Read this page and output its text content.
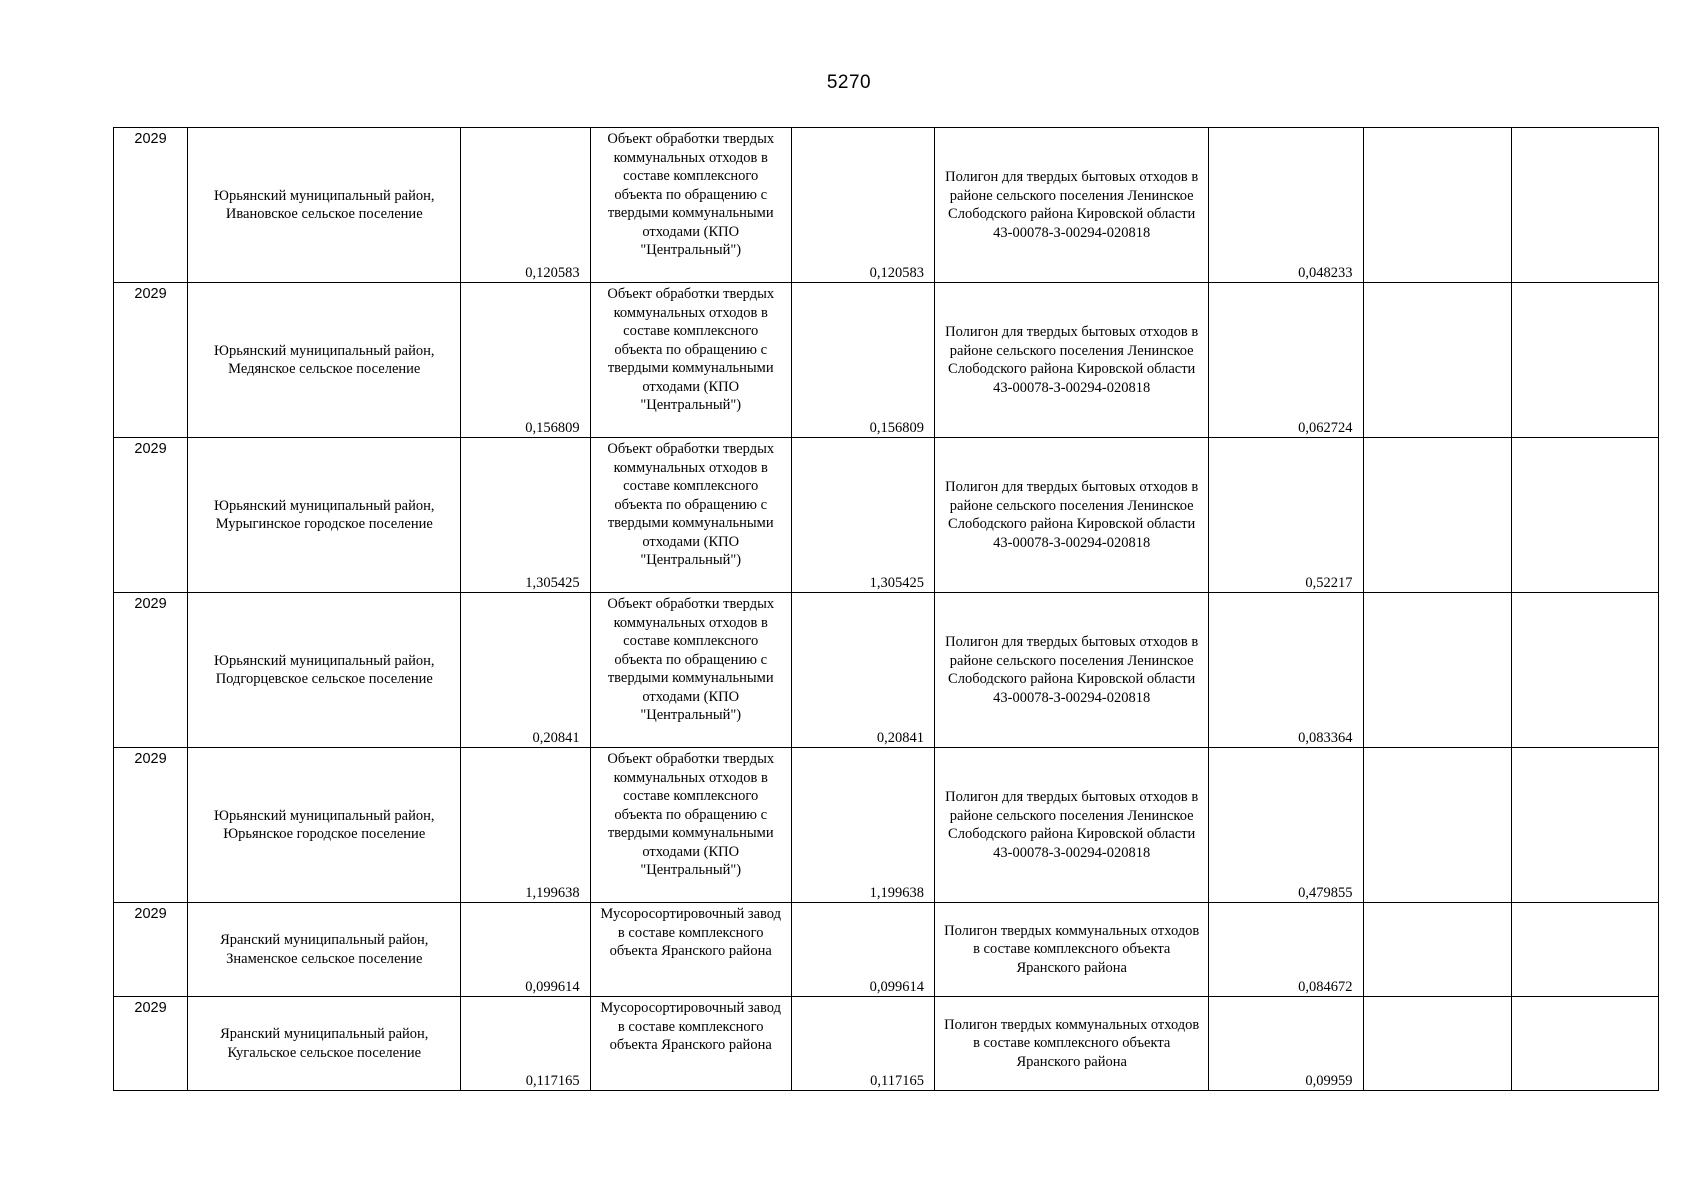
5270
2029	Юрьянский муниципальный район, Ивановское сельское поселение	0,120583	Объект обработки твердых коммунальных отходов в составе комплексного объекта по обращению с твердыми коммунальными отходами (КПО "Центральный")	0,120583	Полигон для твердых бытовых отходов в районе сельского поселения Ленинское Слободского района Кировской области 43-00078-З-00294-020818	0,048233		
2029	Юрьянский муниципальный район, Медянское сельское поселение	0,156809	Объект обработки твердых коммунальных отходов в составе комплексного объекта по обращению с твердыми коммунальными отходами (КПО "Центральный")	0,156809	Полигон для твердых бытовых отходов в районе сельского поселения Ленинское Слободского района Кировской области 43-00078-З-00294-020818	0,062724		
2029	Юрьянский муниципальный район, Мурыгинское городское поселение	1,305425	Объект обработки твердых коммунальных отходов в составе комплексного объекта по обращению с твердыми коммунальными отходами (КПО "Центральный")	1,305425	Полигон для твердых бытовых отходов в районе сельского поселения Ленинское Слободского района Кировской области 43-00078-З-00294-020818	0,52217		
2029	Юрьянский муниципальный район, Подгорцевское сельское поселение	0,20841	Объект обработки твердых коммунальных отходов в составе комплексного объекта по обращению с твердыми коммунальными отходами (КПО "Центральный")	0,20841	Полигон для твердых бытовых отходов в районе сельского поселения Ленинское Слободского района Кировской области 43-00078-З-00294-020818	0,083364		
2029	Юрьянский муниципальный район, Юрьянское городское поселение	1,199638	Объект обработки твердых коммунальных отходов в составе комплексного объекта по обращению с твердыми коммунальными отходами (КПО "Центральный")	1,199638	Полигон для твердых бытовых отходов в районе сельского поселения Ленинское Слободского района Кировской области 43-00078-З-00294-020818	0,479855		
2029	Яранский муниципальный район, Знаменское сельское поселение	0,099614	Мусоросортировочный завод в составе комплексного объекта Яранского района	0,099614	Полигон твердых коммунальных отходов в составе комплексного объекта Яранского района	0,084672		
2029	Яранский муниципальный район, Кугальское сельское поселение	0,117165	Мусоросортировочный завод в составе комплексного объекта Яранского района	0,117165	Полигон твердых коммунальных отходов в составе комплексного объекта Яранского района	0,09959		
